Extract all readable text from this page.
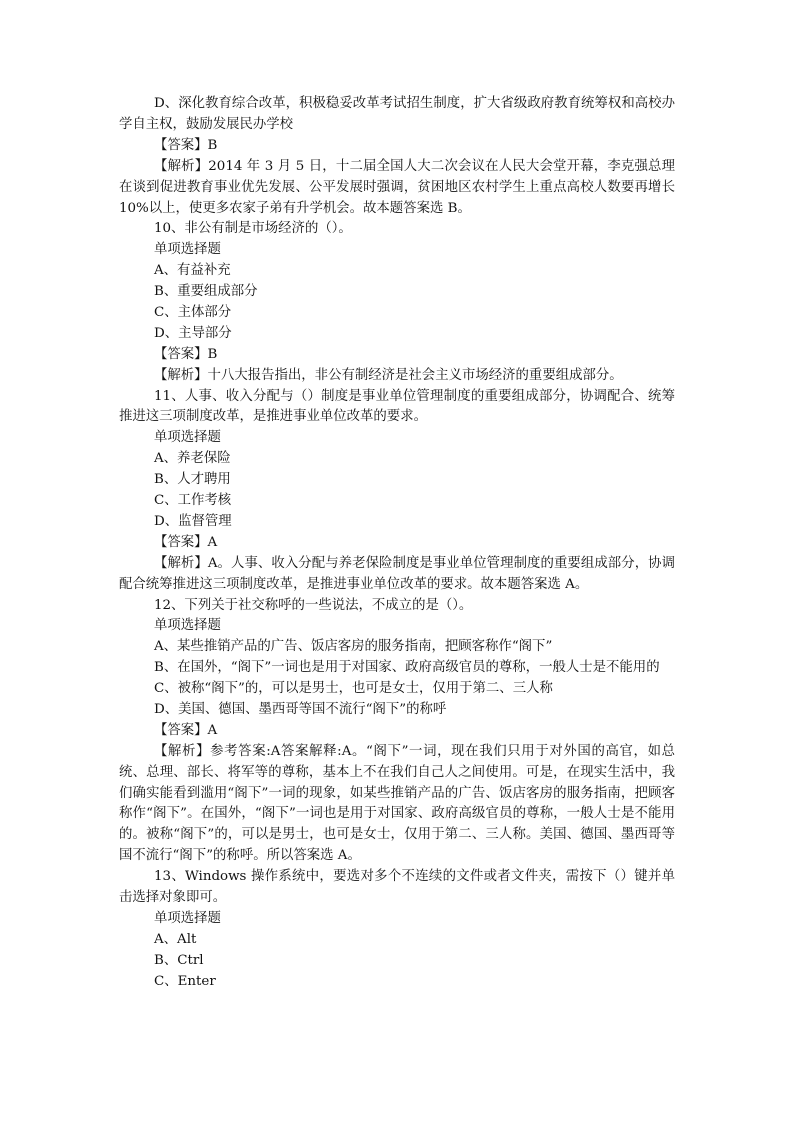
D、深化教育综合改革，积极稳妥改革考试招生制度，扩大省级政府教育统筹权和高校办学自主权，鼓励发展民办学校
【答案】B
【解析】2014 年 3 月 5 日，十二届全国人大二次会议在人民大会堂开幕，李克强总理在谈到促进教育事业优先发展、公平发展时强调，贫困地区农村学生上重点高校人数要再增长 10%以上，使更多农家子弟有升学机会。故本题答案选 B。
10、非公有制是市场经济的（）。
单项选择题
A、有益补充
B、重要组成部分
C、主体部分
D、主导部分
【答案】B
【解析】十八大报告指出，非公有制经济是社会主义市场经济的重要组成部分。
11、人事、收入分配与（）制度是事业单位管理制度的重要组成部分，协调配合、统筹推进这三项制度改革，是推进事业单位改革的要求。
单项选择题
A、养老保险
B、人才聘用
C、工作考核
D、监督管理
【答案】A
【解析】A。人事、收入分配与养老保险制度是事业单位管理制度的重要组成部分，协调配合统筹推进这三项制度改革，是推进事业单位改革的要求。故本题答案选 A。
12、下列关于社交称呼的一些说法，不成立的是（）。
单项选择题
A、某些推销产品的广告、饭店客房的服务指南，把顾客称作“阁下”
B、在国外，“阁下”一词也是用于对国家、政府高级官员的尊称，一般人士是不能用的
C、被称“阁下”的，可以是男士，也可是女士，仅用于第二、三人称
D、美国、德国、墨西哥等国不流行“阁下”的称呼
【答案】A
【解析】参考答案:A答案解释:A。“阁下”一词，现在我们只用于对外国的高官，如总统、总理、部长、将军等的尊称，基本上不在我们自己人之间使用。可是，在现实生活中，我们确实能看到滥用“阁下”一词的现象，如某些推销产品的广告、饭店客房的服务指南，把顾客称作“阁下”。在国外，“阁下”一词也是用于对国家、政府高级官员的尊称，一般人士是不能用的。被称“阁下”的，可以是男士，也可是女士，仅用于第二、三人称。美国、德国、墨西哥等国不流行“阁下”的称呼。所以答案选 A。
13、Windows 操作系统中，要选对多个不连续的文件或者文件夹，需按下（）键并单击选择对象即可。
单项选择题
A、Alt
B、Ctrl
C、Enter
